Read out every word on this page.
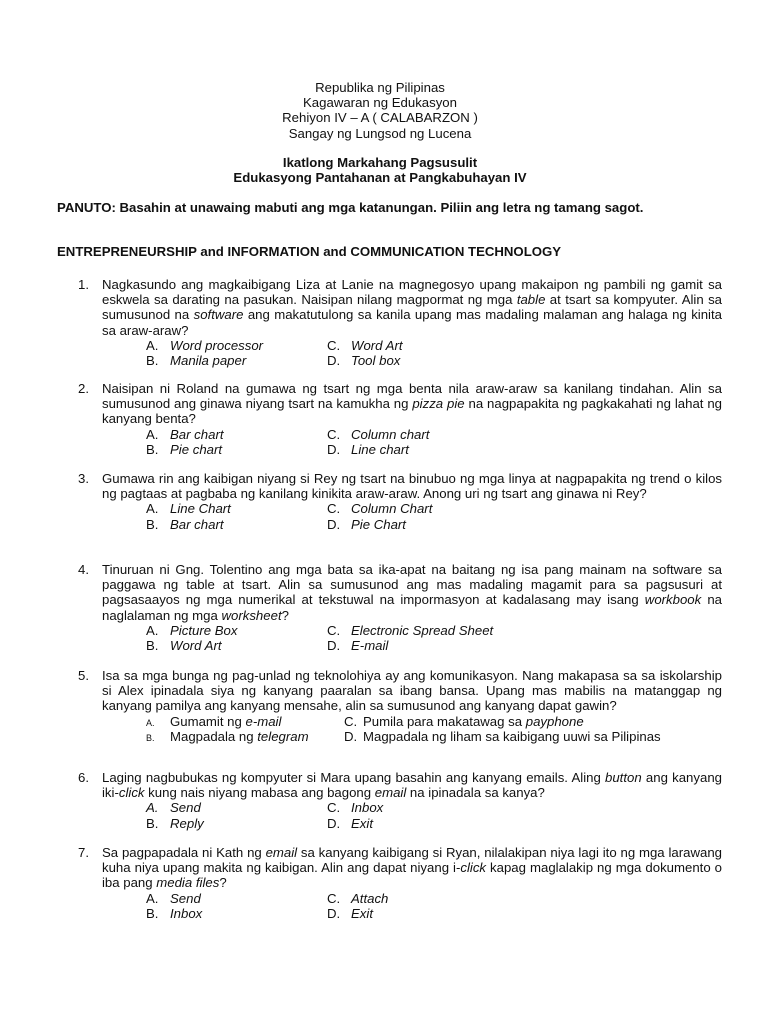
Republika ng Pilipinas
Kagawaran ng Edukasyon
Rehiyon IV – A ( CALABARZON )
Sangay ng Lungsod ng Lucena
Ikatlong Markahang Pagsusulit
Edukasyong Pantahanan at Pangkabuhayan IV
PANUTO: Basahin at unawaing mabuti ang mga katanungan. Piliin ang letra ng tamang sagot.
ENTREPRENEURSHIP and INFORMATION and COMMUNICATION TECHNOLOGY
1. Nagkasundo ang magkaibigang Liza at Lanie na magnegosyo upang makaipon ng pambili ng gamit sa eskwela sa darating na pasukan. Naisipan nilang magpormat ng mga table at tsart sa kompyuter. Alin sa sumusunod na software ang makatutulong sa kanila upang mas madaling malaman ang halaga ng kinita sa araw-araw?
A. Word processor	C. Word Art
B. Manila paper	D. Tool box
2. Naisipan ni Roland na gumawa ng tsart ng mga benta nila araw-araw sa kanilang tindahan. Alin sa sumusunod ang ginawa niyang tsart na kamukha ng pizza pie na nagpapakita ng pagkakahati ng lahat ng kanyang benta?
A. Bar chart	C. Column chart
B. Pie chart	D. Line chart
3. Gumawa rin ang kaibigan niyang si Rey ng tsart na binubuo ng mga linya at nagpapakita ng trend o kilos ng pagtaas at pagbaba ng kanilang kinikita araw-araw. Anong uri ng tsart ang ginawa ni Rey?
A. Line Chart	C. Column Chart
B. Bar chart	D. Pie Chart
4. Tinuruan ni Gng. Tolentino ang mga bata sa ika-apat na baitang ng isa pang mainam na software sa paggawa ng table at tsart. Alin sa sumusunod ang mas madaling magamit para sa pagsusuri at pagsasaayos ng mga numerikal at tekstuwal na impormasyon at kadalasang may isang workbook na naglalaman ng mga worksheet?
A. Picture Box	C. Electronic Spread Sheet
B. Word Art	D. E-mail
5. Isa sa mga bunga ng pag-unlad ng teknolohiya ay ang komunikasyon. Nang makapasa sa sa iskolarship si Alex ipinadala siya ng kanyang paaralan sa ibang bansa. Upang mas mabilis na matanggap ng kanyang pamilya ang kanyang mensahe, alin sa sumusunod ang kanyang dapat gawin?
A. Gumamit ng e-mail	C. Pumila para makatawag sa payphone
B. Magpadala ng telegram	D. Magpadala ng liham sa kaibigang uuwi sa Pilipinas
6. Laging nagbubukas ng kompyuter si Mara upang basahin ang kanyang emails. Aling button ang kanyang iki-click kung nais niyang mabasa ang bagong email na ipinadala sa kanya?
A. Send	C. Inbox
B. Reply	D. Exit
7. Sa pagpapadala ni Kath ng email sa kanyang kaibigang si Ryan, nilalakipan niya lagi ito ng mga larawang kuha niya upang makita ng kaibigan. Alin ang dapat niyang i-click kapag maglalakip ng mga dokumento o iba pang media files?
A. Send	C. Attach
B. Inbox	D. Exit
